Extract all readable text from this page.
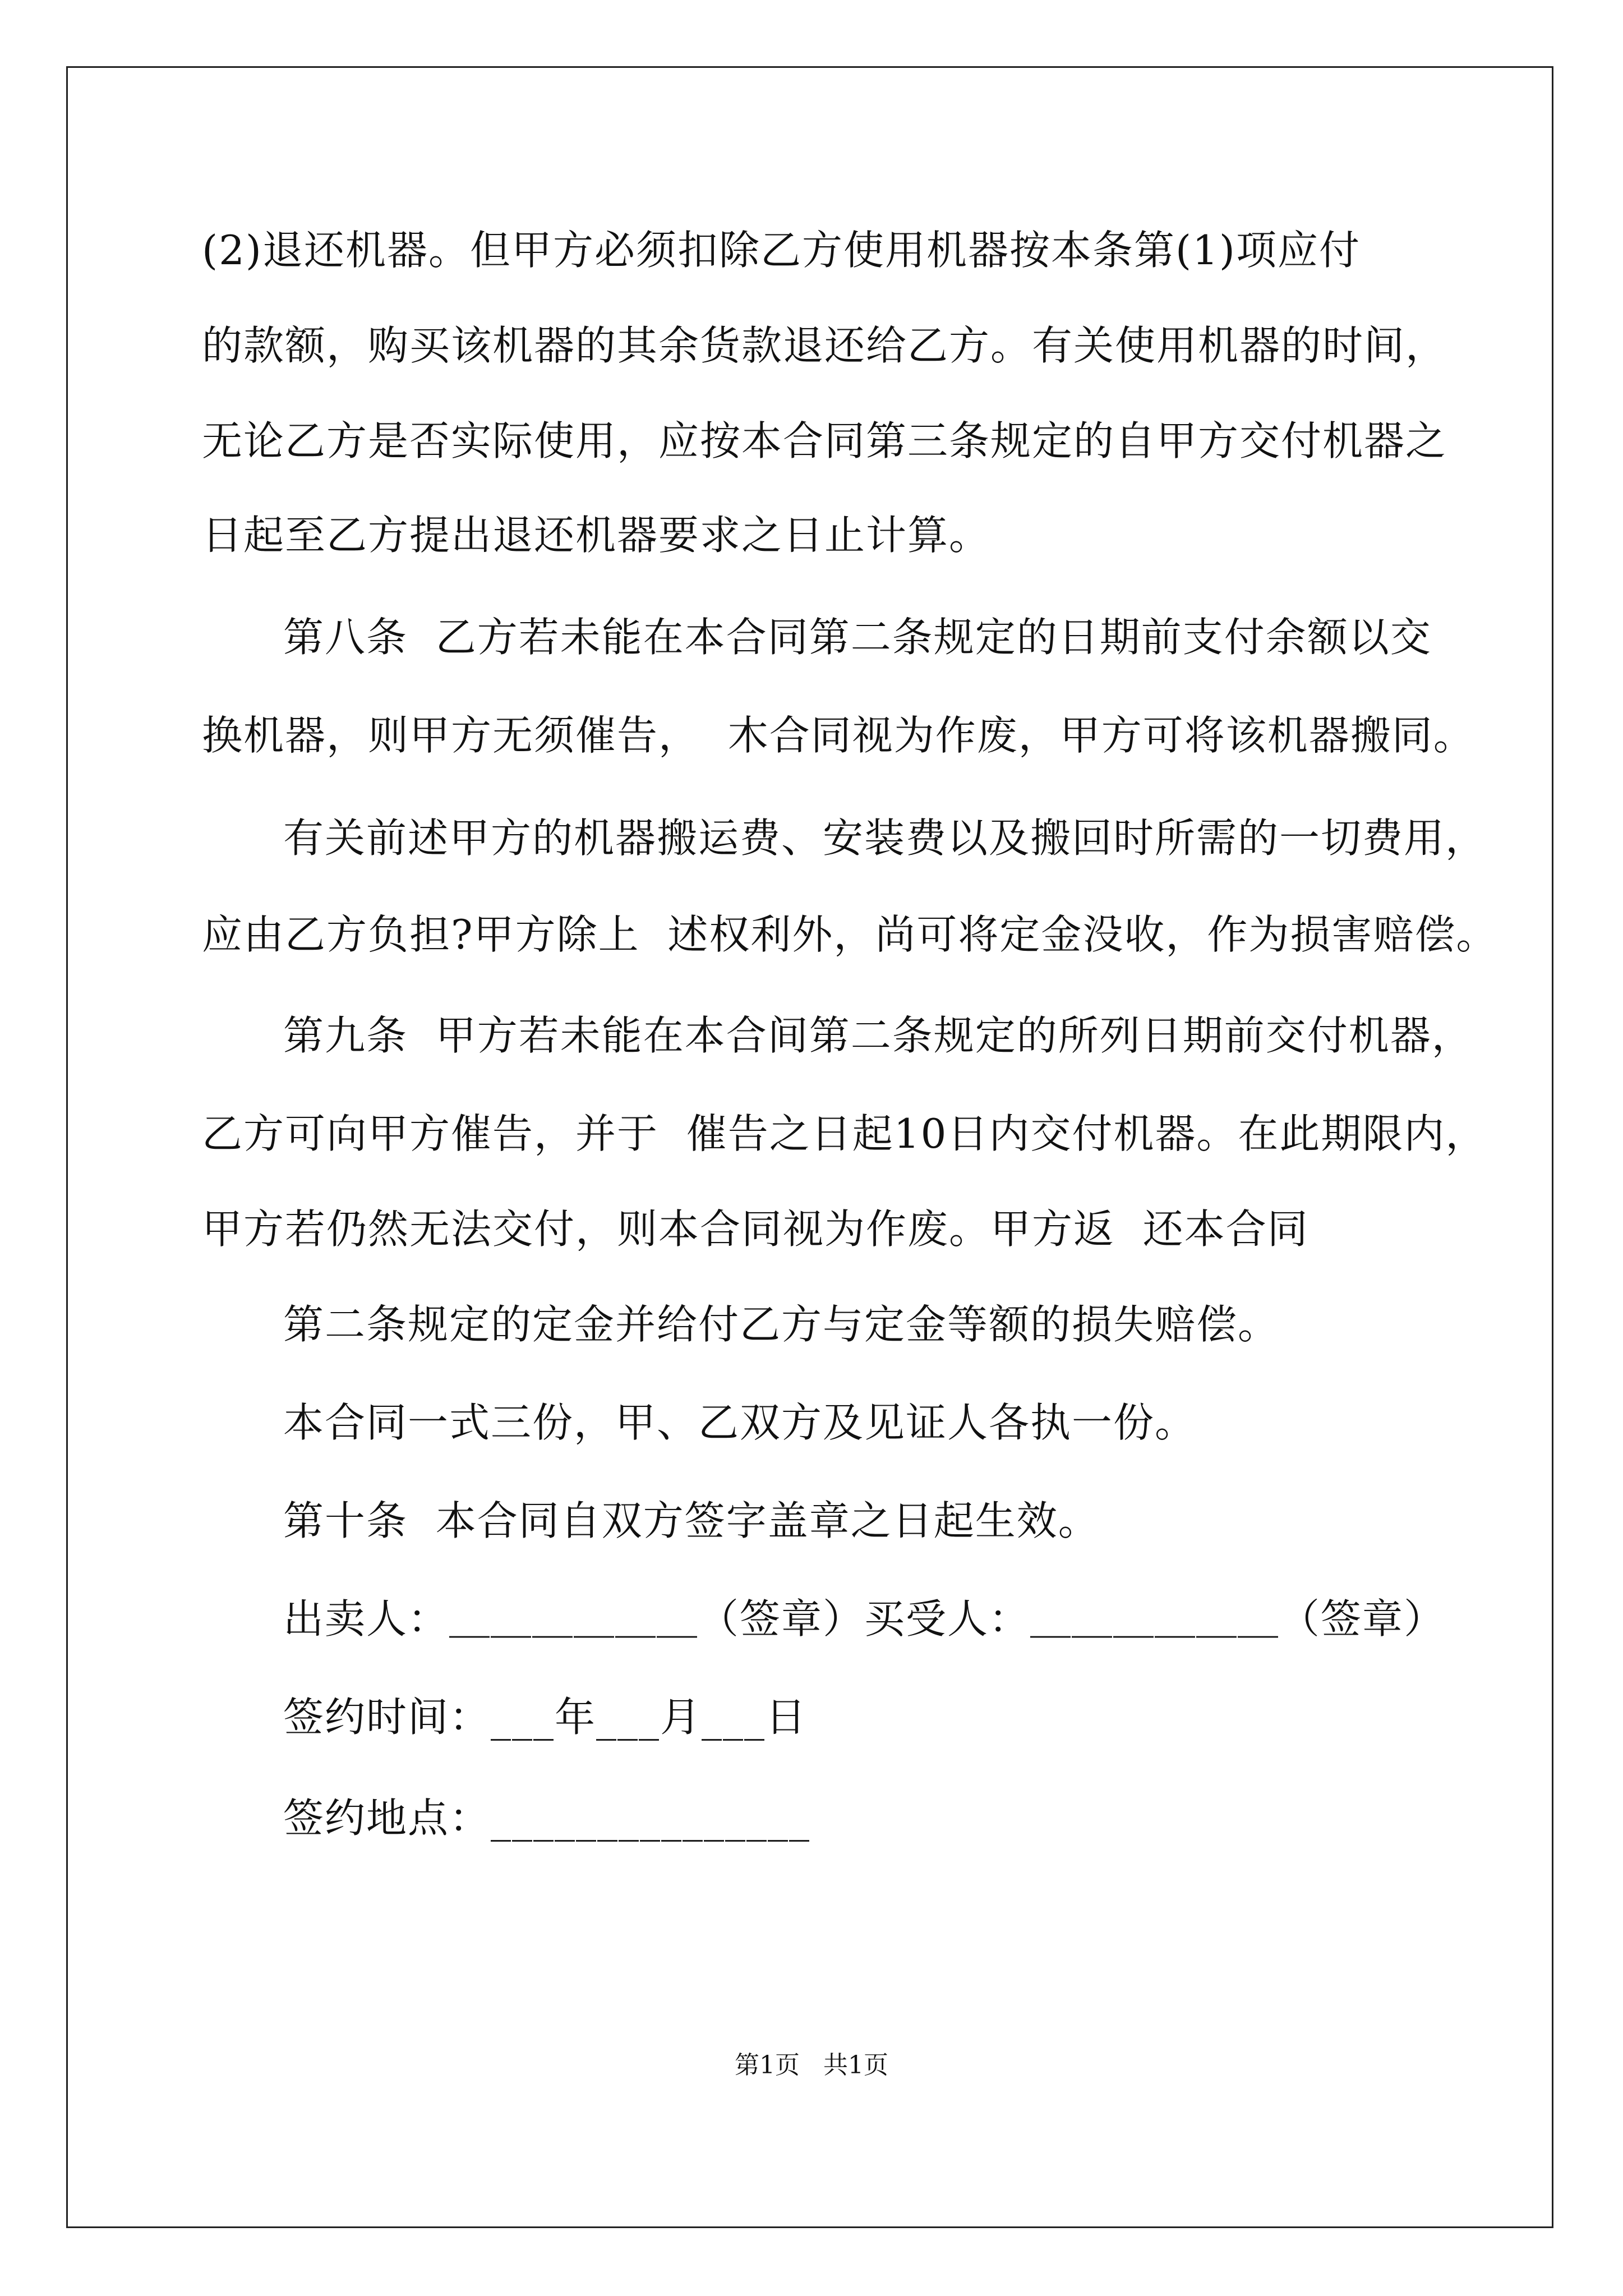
(2)退还机器。但甲方必须扣除乙方使用机器按本条第(1)项应付
的款额，购买该机器的其余货款退还给乙方。有关使用机器的时间，
无论乙方是否实际使用，应按本合同第三条规定的自甲方交付机器之
日起至乙方提出退还机器要求之日止计算。
第八条  乙方若未能在本合同第二条规定的日期前支付余额以交
换机器，则甲方无须催告，  木合同视为作废，甲方可将该机器搬同。
有关前述甲方的机器搬运费、安装费以及搬回时所需的一切费用，
应由乙方负担?甲方除上  述权利外，尚可将定金没收，作为损害赔偿。
第九条  甲方若未能在本合间第二条规定的所列日期前交付机器，
乙方可向甲方催告，并于  催告之日起10日内交付机器。在此期限内，
甲方若仍然无法交付，则本合同视为作废。甲方返  还本合同
第二条规定的定金并给付乙方与定金等额的损失赔偿。
本合同一式三份，甲、乙双方及见证人各执一份。
第十条  本合同自双方签字盖章之日起生效。
出卖人：＿＿＿＿＿＿（签章）买受人：＿＿＿＿＿＿（签章）
签约时间：___年___月___日
签约地点：_______________
第1页   共1页
